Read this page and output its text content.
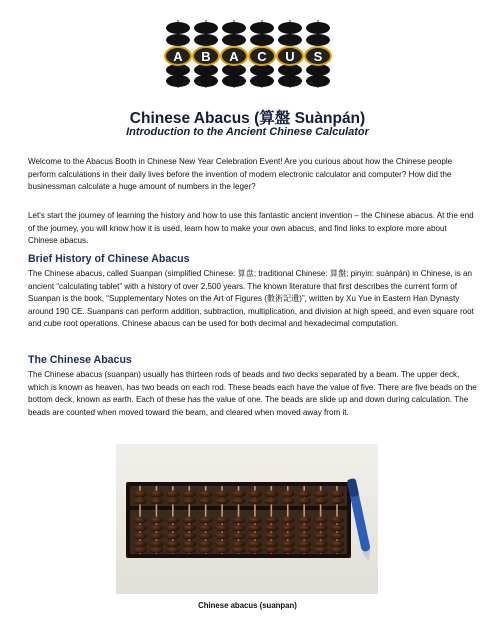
A B A C U S
Chinese Abacus (算盤 Suànpán)
Introduction to the Ancient Chinese Calculator
Welcome to the Abacus Booth in Chinese New Year Celebration Event! Are you curious about how the Chinese people perform calculations in their daily lives before the invention of modern electronic calculator and computer? How did the businessman calculate a huge amount of numbers in the leger?
Let's start the journey of learning the history and how to use this fantastic ancient invention – the Chinese abacus. At the end of the journey, you will know how it is used, learn how to make your own abacus, and find links to explore more about Chinese abacus.
Brief History of Chinese Abacus
The Chinese abacus, called Suanpan (simplified Chinese: 算盘; traditional Chinese: 算盤; pinyin: suànpán) in Chinese, is an ancient “calculating tablet” with a history of over 2,500 years. The known literature that first describes the current form of Suanpan is the book, “Supplementary Notes on the Art of Figures (數術記遺)”, written by Xu Yue in Eastern Han Dynasty around 190 CE. Suanpans can perform addition, subtraction, multiplication, and division at high speed, and even square root and cube root operations. Chinese abacus can be used for both decimal and hexadecimal computation.
The Chinese Abacus
The Chinese abacus (suanpan) usually has thirteen rods of beads and two decks separated by a beam. The upper deck, which is known as heaven, has two beads on each rod. These beads each have the value of five. There are five beads on the bottom deck, known as earth. Each of these has the value of one. The beads are slide up and down during calculation. The beads are counted when moved toward the beam, and cleared when moved away from it.
Chinese abacus (suanpan)
